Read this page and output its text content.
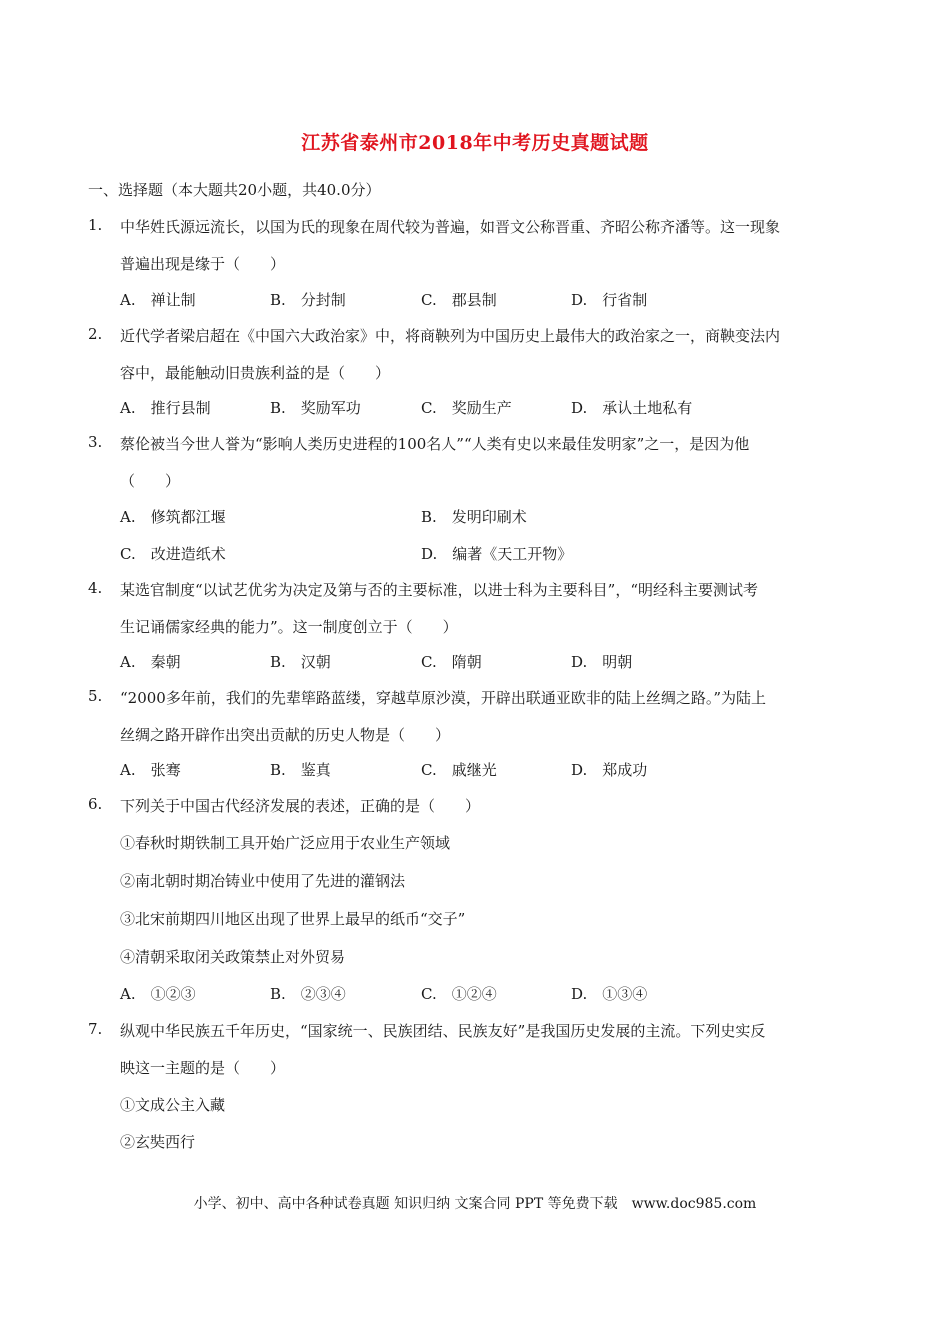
江苏省泰州市2018年中考历史真题试题
一、选择题（本大题共20小题，共40.0分）
1. 中华姓氏源远流长，以国为氏的现象在周代较为普遍，如晋文公称晋重、齐昭公称齐潘等。这一现象
普遍出现是缘于（　　）
A.　禅让制	B.　分封制	C.　郡县制	D.　行省制
2. 近代学者梁启超在《中国六大政治家》中，将商鞅列为中国历史上最伟大的政治家之一，商鞅变法内
容中，最能触动旧贵族利益的是（　　）
A.　推行县制	B.　奖励军功	C.　奖励生产	D.　承认土地私有
3. 蔡伦被当今世人誉为“影响人类历史进程的100名人”“人类有史以来最佳发明家”之一，是因为他
（　　）
A.　修筑都江堰	B.　发明印刷术
C.　改进造纸术	D.　编著《天工开物》
4. 某选官制度“以试艺优劣为决定及第与否的主要标准，以进士科为主要科目”，“明经科主要测试考
生记诵儒家经典的能力”。这一制度创立于（　　）
A.　秦朝	B.　汉朝	C.　隋朝	D.　明朝
5. “2000多年前，我们的先辈筚路蓝缕，穿越草原沙漠，开辟出联通亚欧非的陆上丝绸之路。”为陆上
丝绸之路开辟作出突出贡献的历史人物是（　　）
A.　张骞	B.　鉴真	C.　戚继光	D.　郑成功
6. 下列关于中国古代经济发展的表述，正确的是（　　）
①春秋时期铁制工具开始广泛应用于农业生产领域
②南北朝时期冶铸业中使用了先进的灌钢法
③北宋前期四川地区出现了世界上最早的纸币“交子”
④清朝采取闭关政策禁止对外贸易
A.　①②③	B.　②③④	C.　①②④	D.　①③④
7. 纵观中华民族五千年历史，“国家统一、民族团结、民族友好”是我国历史发展的主流。下列史实反
映这一主题的是（　　）
①文成公主入藏
②玄奘西行
小学、初中、高中各种试卷真题 知识归纳 文案合同 PPT 等免费下载　www.doc985.com
